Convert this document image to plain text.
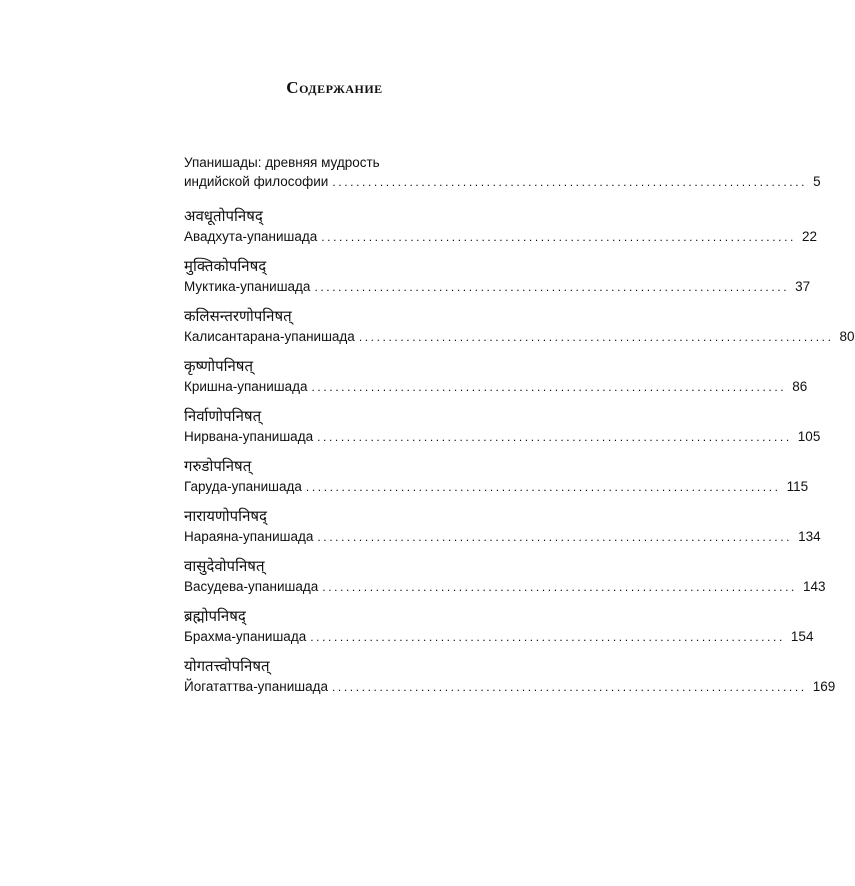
Содержание
Упанишады: древняя мудрость
индийской философии ................................................................................ 5
अवधूतोपनिषद्
Авадхута-упанишада ................................................................................ 22
मुक्तिकोपनिषद्
Муктика-упанишада ................................................................................ 37
कलिसन्तरणोपनिषत्
Калисантарана-упанишада ................................................................................ 80
कृष्णोपनिषत्
Кришна-упанишада ................................................................................ 86
निर्वाणोपनिषत्
Нирвана-упанишада ................................................................................ 105
गरुडोपनिषत्
Гаруда-упанишада ................................................................................ 115
नारायणोपनिषद्
Нараяна-упанишада ................................................................................ 134
वासुदेवोपनिषत्
Васудева-упанишада ................................................................................ 143
ब्रह्मोपनिषद्
Брахма-упанишада ................................................................................ 154
योगतत्त्वोपनिषत्
Йогататтва-упанишада ................................................................................ 169
